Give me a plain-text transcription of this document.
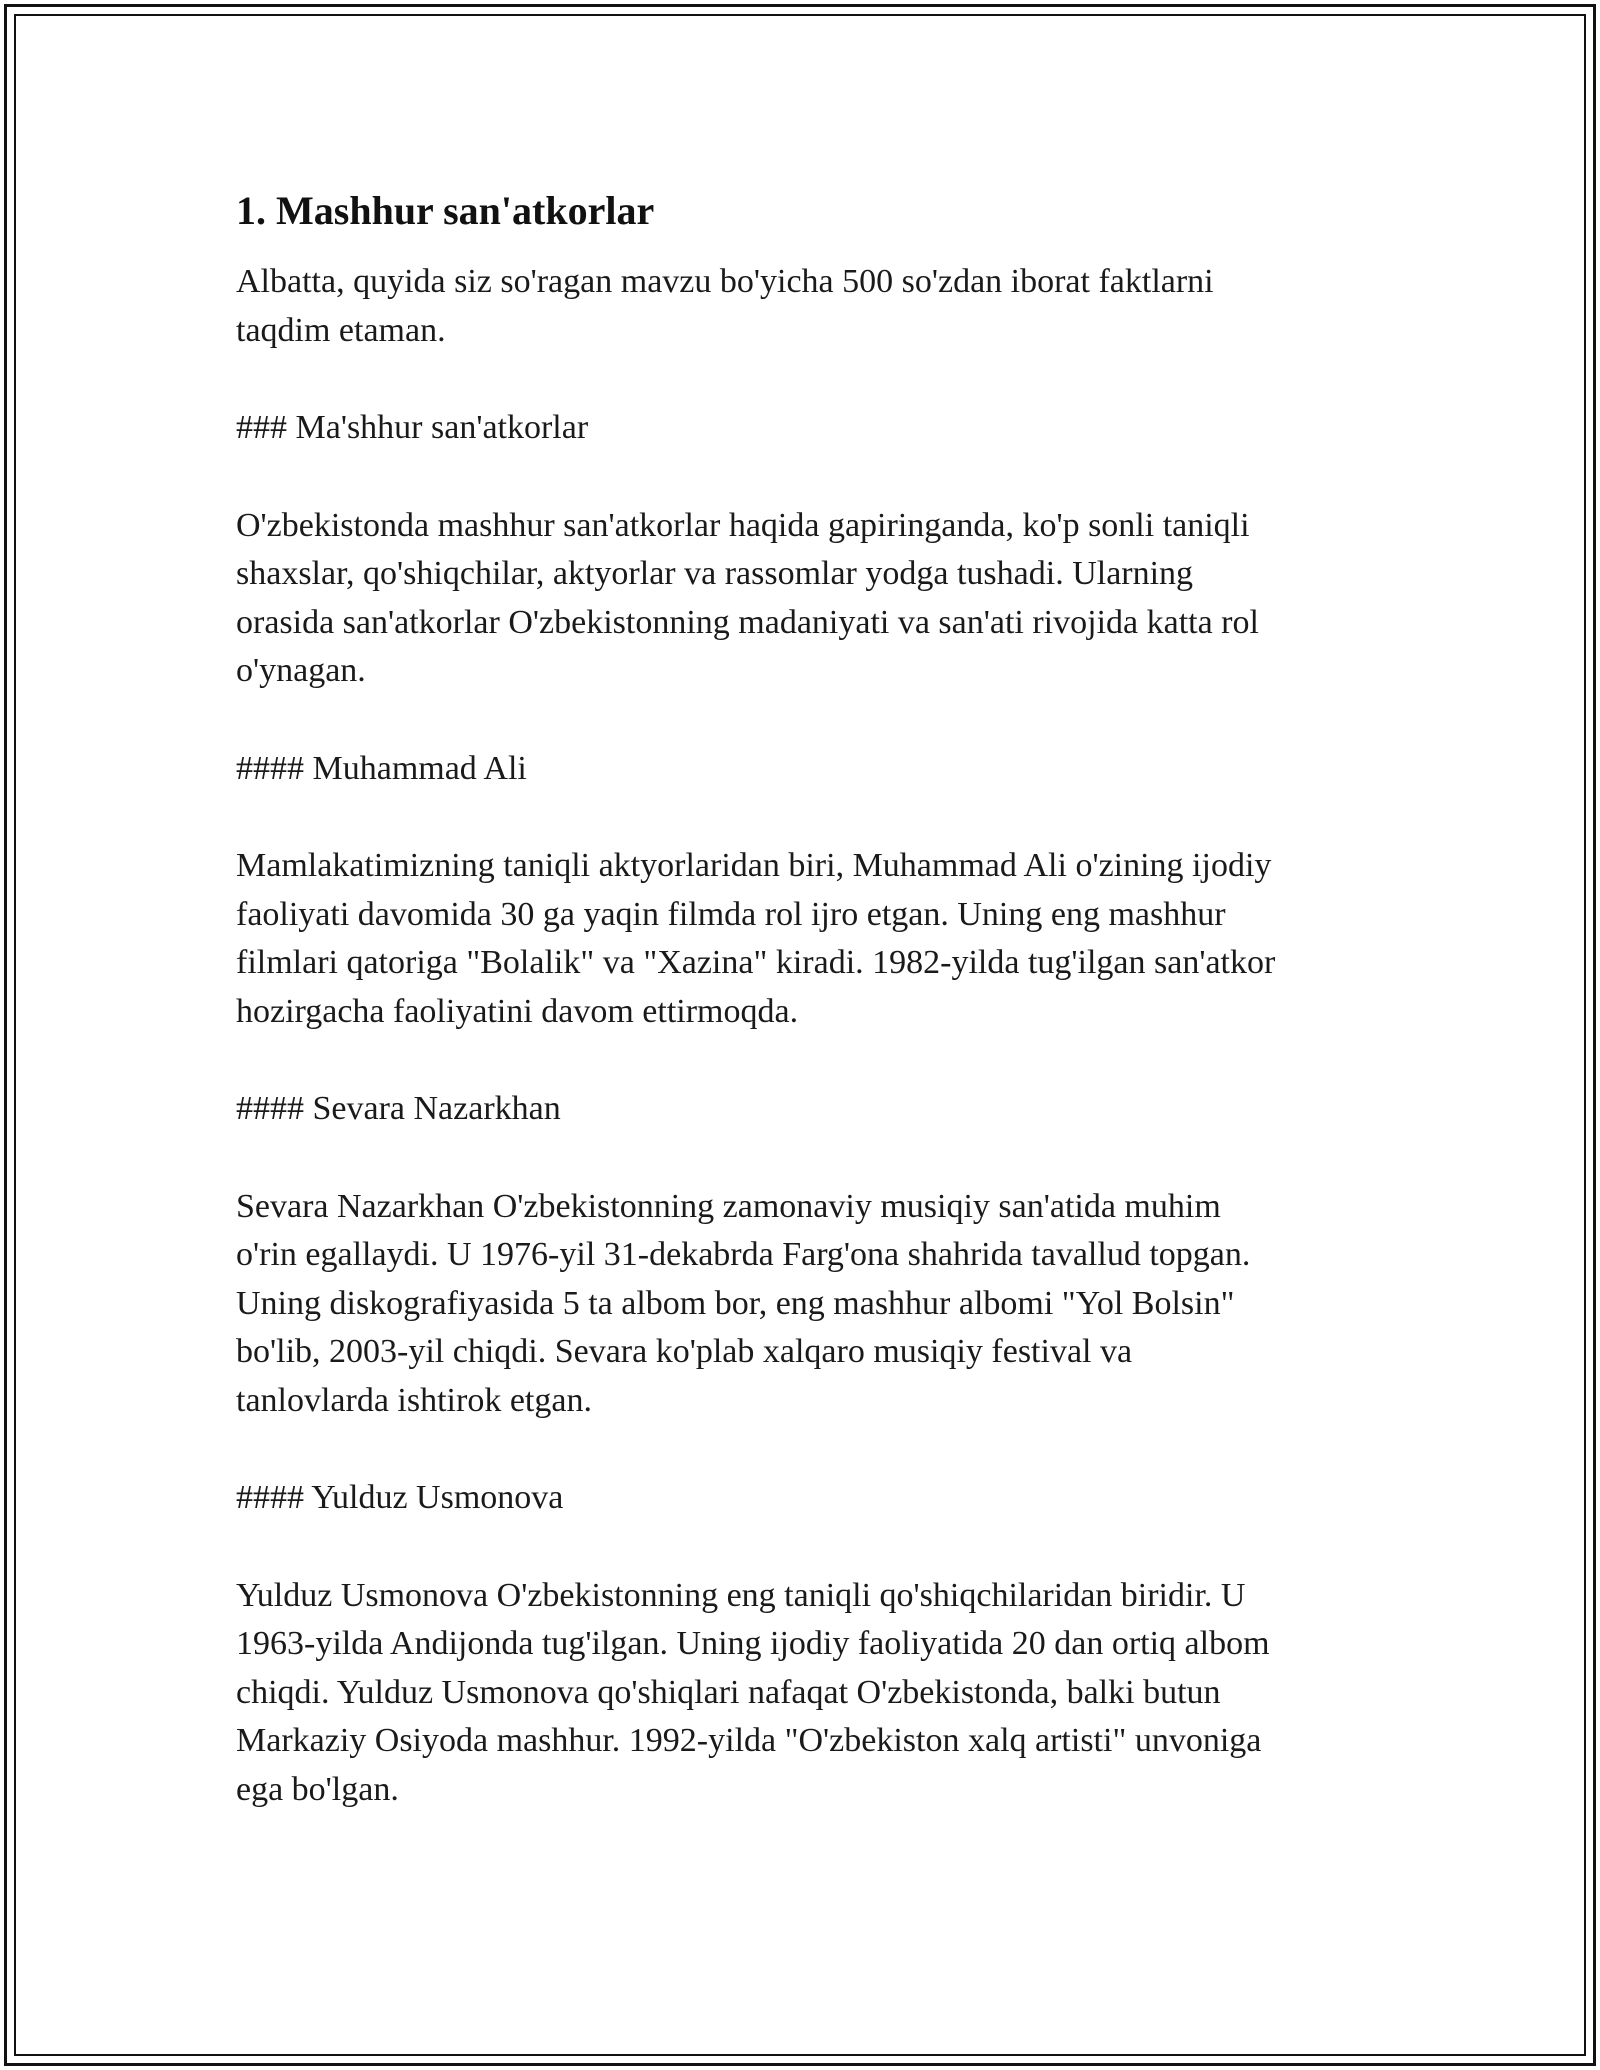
1. Mashhur san'atkorlar

Albatta, quyida siz so'ragan mavzu bo'yicha 500 so'zdan iborat faktlarni
taqdim etaman.

### Ma'shhur san'atkorlar

O'zbekistonda mashhur san'atkorlar haqida gapiringanda, ko'p sonli taniqli
shaxslar, qo'shiqchilar, aktyorlar va rassomlar yodga tushadi. Ularning
orasida san'atkorlar O'zbekistonning madaniyati va san'ati rivojida katta rol
o'ynagan.

#### Muhammad Ali

Mamlakatimizning taniqli aktyorlaridan biri, Muhammad Ali o'zining ijodiy
faoliyati davomida 30 ga yaqin filmda rol ijro etgan. Uning eng mashhur
filmlari qatoriga "Bolalik" va "Xazina" kiradi. 1982-yilda tug'ilgan san'atkor
hozirgacha faoliyatini davom ettirmoqda.

#### Sevara Nazarkhan

Sevara Nazarkhan O'zbekistonning zamonaviy musiqiy san'atida muhim
o'rin egallaydi. U 1976-yil 31-dekabrda Farg'ona shahrida tavallud topgan.
Uning diskografiyasida 5 ta albom bor, eng mashhur albomi "Yol Bolsin"
bo'lib, 2003-yil chiqdi. Sevara ko'plab xalqaro musiqiy festival va
tanlovlarda ishtirok etgan.

#### Yulduz Usmonova

Yulduz Usmonova O'zbekistonning eng taniqli qo'shiqchilaridan biridir. U
1963-yilda Andijonda tug'ilgan. Uning ijodiy faoliyatida 20 dan ortiq albom
chiqdi. Yulduz Usmonova qo'shiqlari nafaqat O'zbekistonda, balki butun
Markaziy Osiyoda mashhur. 1992-yilda "O'zbekiston xalq artisti" unvoniga
ega bo'lgan.
